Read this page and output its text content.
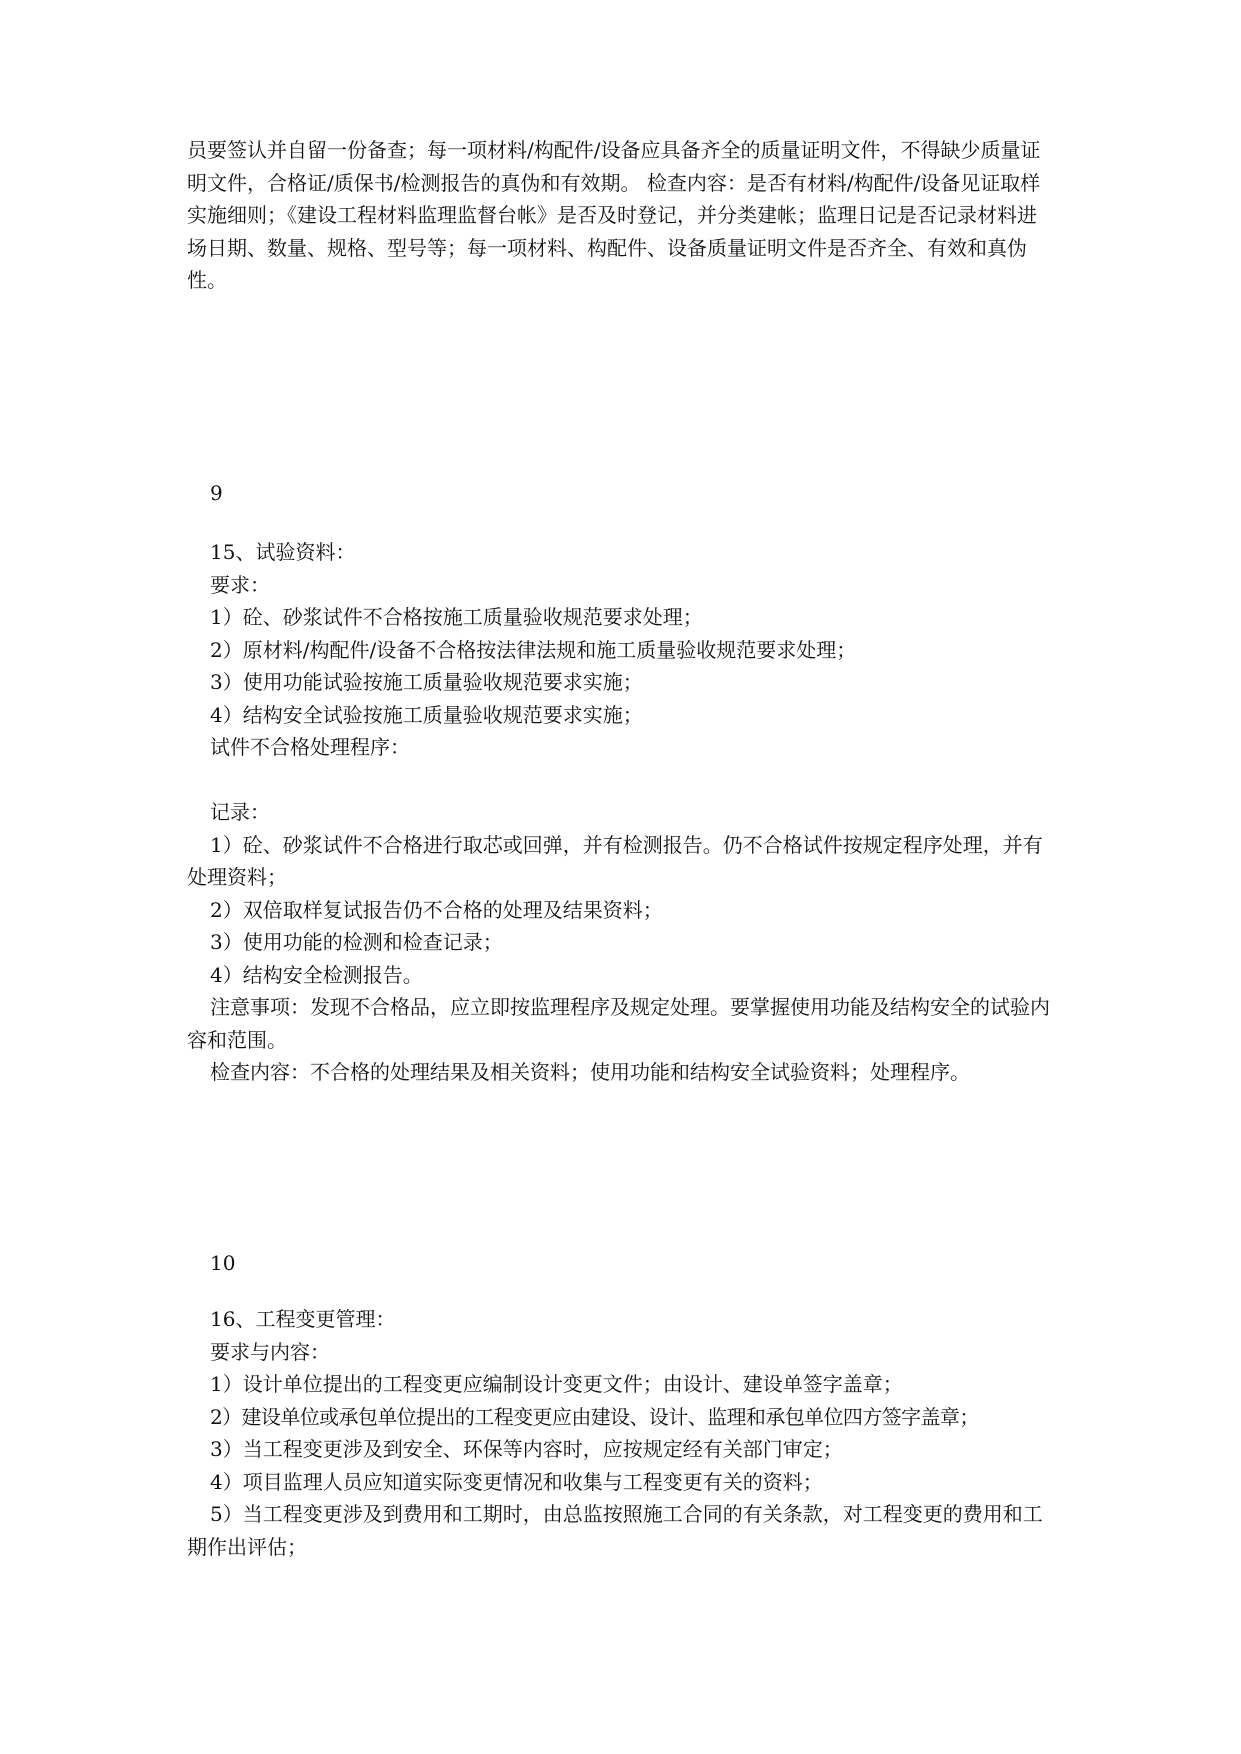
员要签认并自留一份备查；每一项材料/构配件/设备应具备齐全的质量证明文件，不得缺少质量证明文件，合格证/质保书/检测报告的真伪和有效期。 检查内容：是否有材料/构配件/设备见证取样实施细则；《建设工程材料监理监督台帐》是否及时登记，并分类建帐；监理日记是否记录材料进场日期、数量、规格、型号等；每一项材料、构配件、设备质量证明文件是否齐全、有效和真伪性。

9

15、试验资料：

要求：

1）砼、砂浆试件不合格按施工质量验收规范要求处理；

2）原材料/构配件/设备不合格按法律法规和施工质量验收规范要求处理；

3）使用功能试验按施工质量验收规范要求实施；

4）结构安全试验按施工质量验收规范要求实施；

试件不合格处理程序：

记录：

1）砼、砂浆试件不合格进行取芯或回弹，并有检测报告。仍不合格试件按规定程序处理，并有处理资料；

2）双倍取样复试报告仍不合格的处理及结果资料；

3）使用功能的检测和检查记录；

4）结构安全检测报告。

注意事项：发现不合格品，应立即按监理程序及规定处理。要掌握使用功能及结构安全的试验内容和范围。

检查内容：不合格的处理结果及相关资料；使用功能和结构安全试验资料；处理程序。

10

16、工程变更管理：

要求与内容：

1）设计单位提出的工程变更应编制设计变更文件；由设计、建设单签字盖章；

2）建设单位或承包单位提出的工程变更应由建设、设计、监理和承包单位四方签字盖章；

3）当工程变更涉及到安全、环保等内容时，应按规定经有关部门审定；

4）项目监理人员应知道实际变更情况和收集与工程变更有关的资料；

5）当工程变更涉及到费用和工期时，由总监按照施工合同的有关条款，对工程变更的费用和工期作出评估；
